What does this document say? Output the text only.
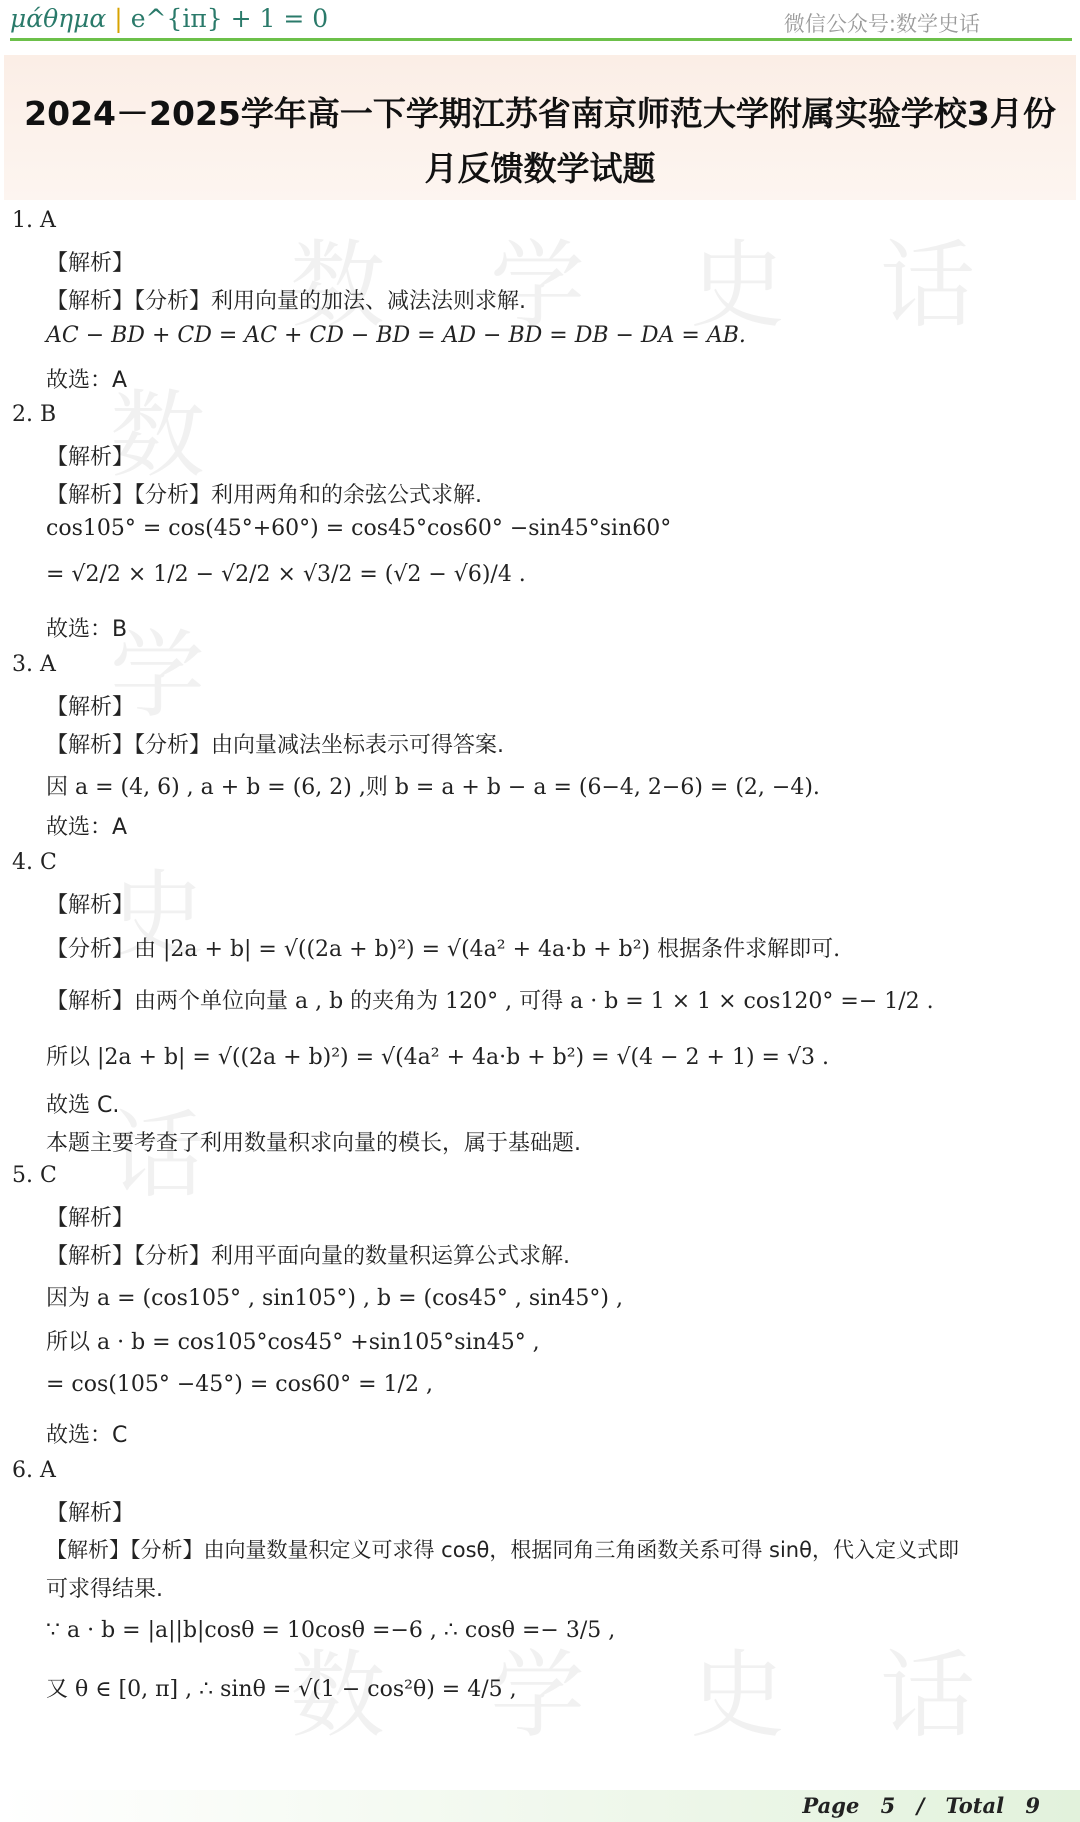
μάθημα | e^{iπ} + 1 = 0	微信公众号:数学史话
2024－2025学年高一下学期江苏省南京师范大学附属实验学校3月份
月反馈数学试题
数 学 史 话
数
学
史
话
数 学 史 话
1. A
【解析】
【解析】【分析】利用向量的加法、减法法则求解.
AC − BD + CD = AC + CD − BD = AD − BD = DB − DA = AB.
故选：A
2. B
【解析】
【解析】【分析】利用两角和的余弦公式求解.
cos105° = cos(45°+60°) = cos45°cos60° −sin45°sin60°
= √2/2 × 1/2 − √2/2 × √3/2 = (√2 − √6)/4 .
故选：B
3. A
【解析】
【解析】【分析】由向量减法坐标表示可得答案.
因 a = (4, 6) , a + b = (6, 2) ,则 b = a + b − a = (6−4, 2−6) = (2, −4).
故选：A
4. C
【解析】
【分析】由 |2a + b| = √((2a + b)²) = √(4a² + 4a·b + b²) 根据条件求解即可.
【解析】由两个单位向量 a , b 的夹角为 120° , 可得 a · b = 1 × 1 × cos120° =− 1/2 .
所以 |2a + b| = √((2a + b)²) = √(4a² + 4a·b + b²) = √(4 − 2 + 1) = √3 .
故选 C.
本题主要考查了利用数量积求向量的模长，属于基础题.
5. C
【解析】
【解析】【分析】利用平面向量的数量积运算公式求解.
因为 a = (cos105° , sin105°) , b = (cos45° , sin45°) ,
所以 a · b = cos105°cos45° +sin105°sin45° ,
= cos(105° −45°) = cos60° = 1/2 ,
故选：C
6. A
【解析】
【解析】【分析】由向量数量积定义可求得 cosθ，根据同角三角函数关系可得 sinθ，代入定义式即
可求得结果.
∵ a · b = |a||b|cosθ = 10cosθ =−6 , ∴ cosθ =− 3/5 ,
又 θ ∈ [0, π] , ∴ sinθ = √(1 − cos²θ) = 4/5 ,
Page 5 / Total 9
